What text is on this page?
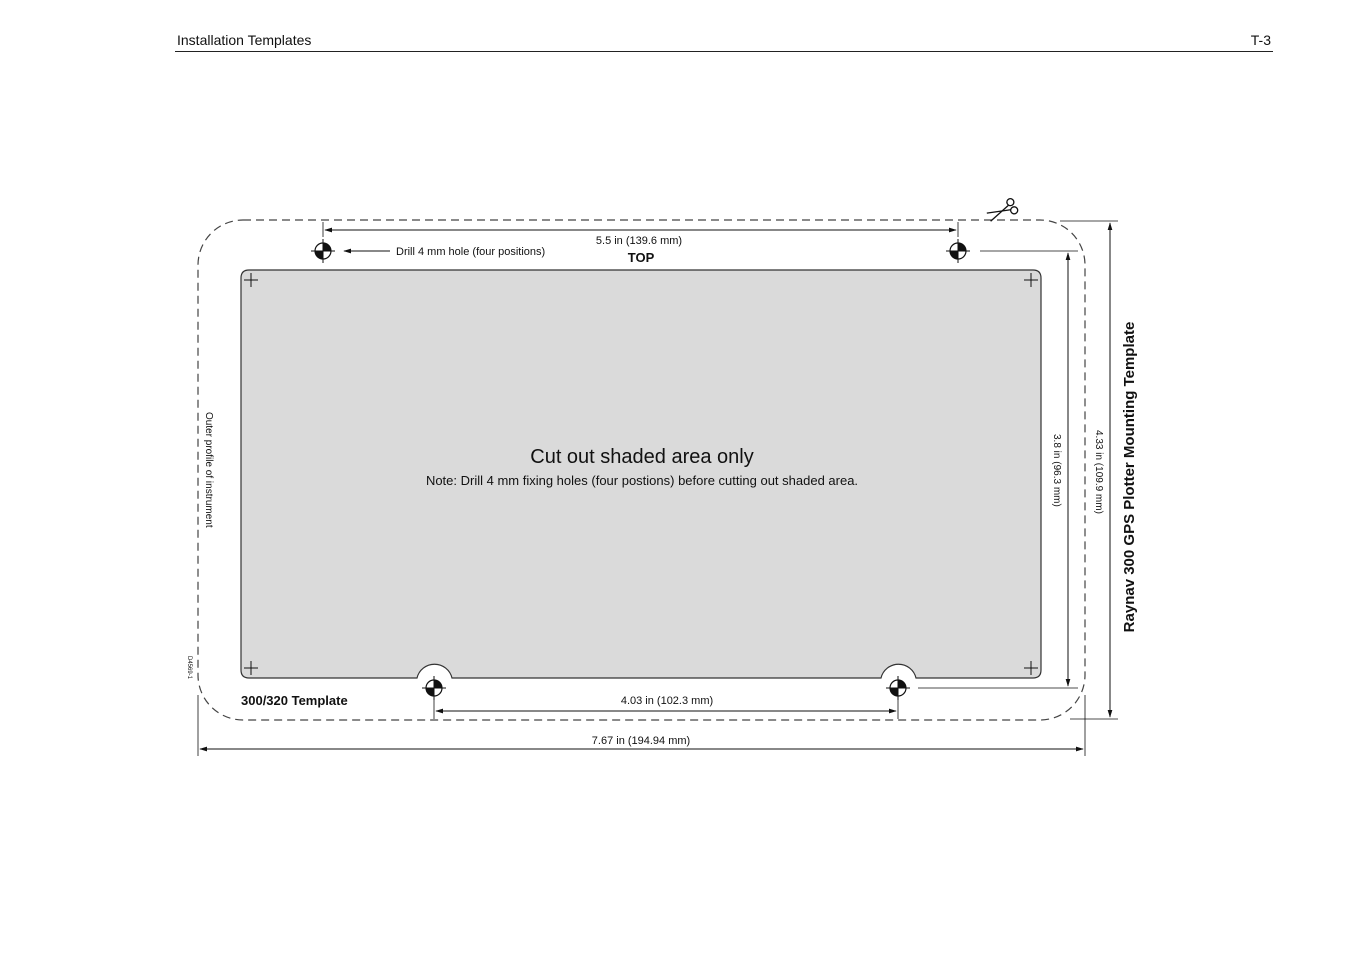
Installation Templates	T-3
5.5 in (139.6 mm)
TOP
Drill 4 mm hole (four positions)
Cut out shaded area only
Note: Drill 4 mm fixing holes (four postions) before cutting out shaded area.
Outer profile of instrument
D4569-1
300/320 Template	4.03 in (102.3 mm)
7.67 in (194.94 mm)
3.8 in (96.3 mm)	4.33 in (109.9 mm) Raynav 300 GPS Plotter Mounting Template
